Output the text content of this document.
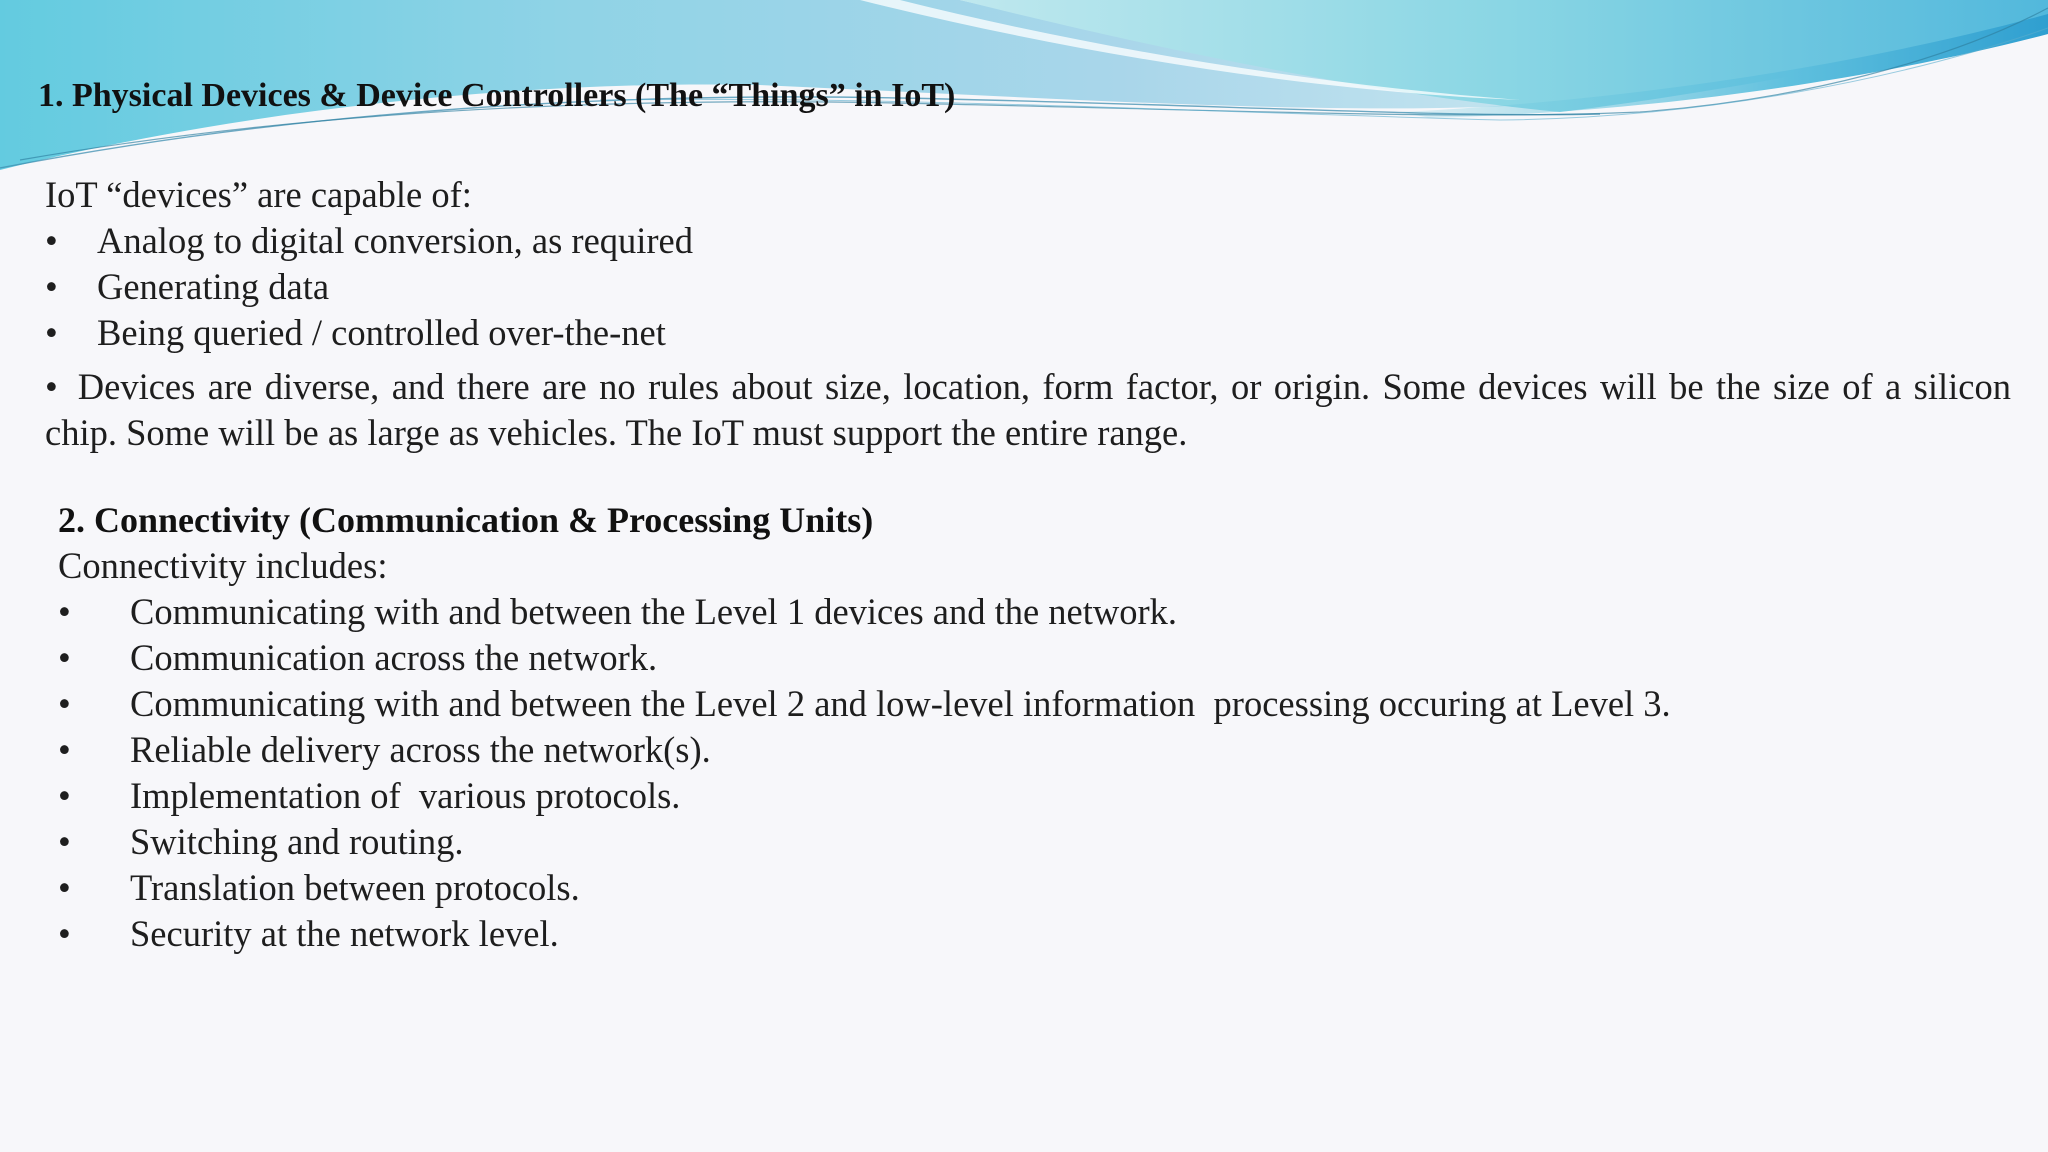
1. Physical Devices & Device Controllers (The “Things” in IoT)
IoT “devices” are capable of:
• Analog to digital conversion, as required
• Generating data
• Being queried / controlled over-the-net
• Devices are diverse, and there are no rules about size, location, form factor, or origin. Some devices will be the size of a silicon chip. Some will be as large as vehicles. The IoT must support the entire range.
2. Connectivity (Communication & Processing Units)
Connectivity includes:
• Communicating with and between the Level 1 devices and the network.
• Communication across the network.
• Communicating with and between the Level 2 and low-level information  processing occuring at Level 3.
• Reliable delivery across the network(s).
• Implementation of  various protocols.
• Switching and routing.
• Translation between protocols.
• Security at the network level.
